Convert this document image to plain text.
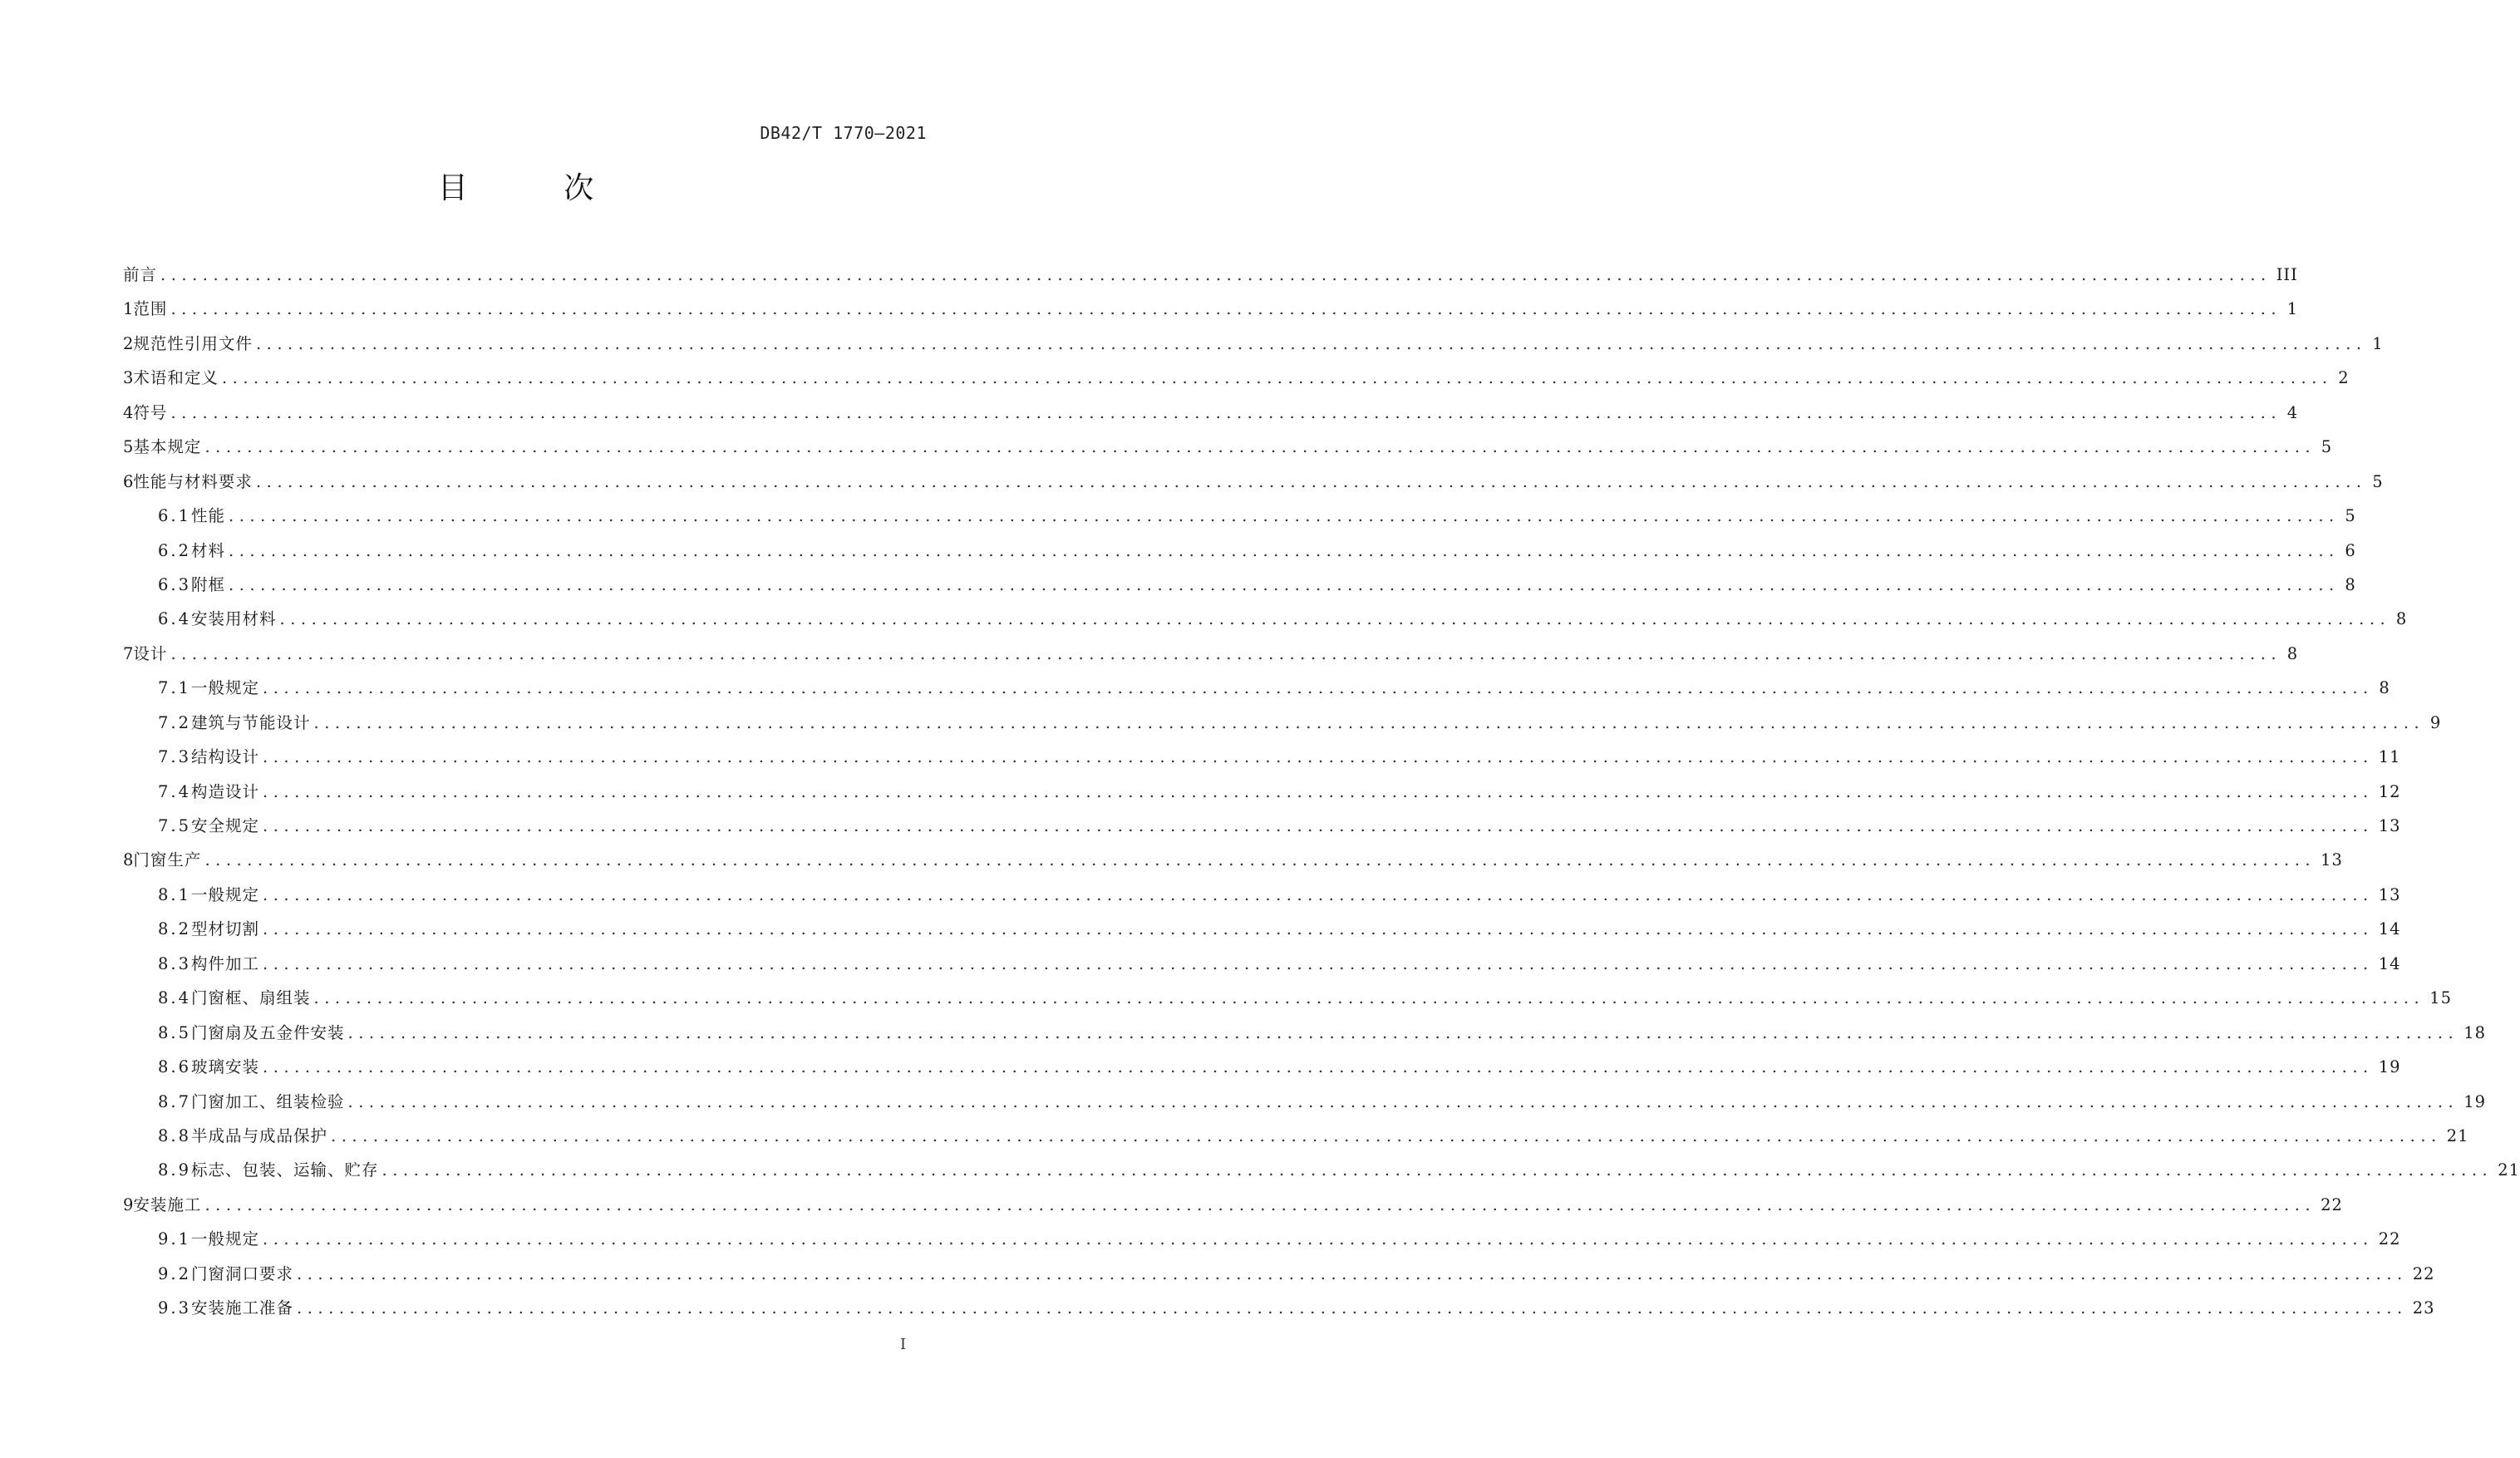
DB42/T 1770—2021
目 次
前言 ........................................................................................................................................................................................................ III
1 范围 ........................................................................................................................................................................................................ 1
2 规范性引用文件 ........................................................................................................................................................................................................ 1
3 术语和定义 ........................................................................................................................................................................................................ 2
4 符号 ........................................................................................................................................................................................................ 4
5 基本规定 ........................................................................................................................................................................................................ 5
6 性能与材料要求 ........................................................................................................................................................................................................ 5
6.1 性能 ........................................................................................................................................................................................................ 5
6.2 材料 ........................................................................................................................................................................................................ 6
6.3 附框 ........................................................................................................................................................................................................ 8
6.4 安装用材料 ........................................................................................................................................................................................................ 8
7 设计 ........................................................................................................................................................................................................ 8
7.1 一般规定 ........................................................................................................................................................................................................ 8
7.2 建筑与节能设计 ........................................................................................................................................................................................................ 9
7.3 结构设计 ........................................................................................................................................................................................................ 11
7.4 构造设计 ........................................................................................................................................................................................................ 12
7.5 安全规定 ........................................................................................................................................................................................................ 13
8 门窗生产 ........................................................................................................................................................................................................ 13
8.1 一般规定 ........................................................................................................................................................................................................ 13
8.2 型材切割 ........................................................................................................................................................................................................ 14
8.3 构件加工 ........................................................................................................................................................................................................ 14
8.4 门窗框、扇组装 ........................................................................................................................................................................................................ 15
8.5 门窗扇及五金件安装 ........................................................................................................................................................................................................ 18
8.6 玻璃安装 ........................................................................................................................................................................................................ 19
8.7 门窗加工、组装检验 ........................................................................................................................................................................................................ 19
8.8 半成品与成品保护 ........................................................................................................................................................................................................ 21
8.9 标志、包装、运输、贮存 ........................................................................................................................................................................................................ 21
9 安装施工 ........................................................................................................................................................................................................ 22
9.1 一般规定 ........................................................................................................................................................................................................ 22
9.2 门窗洞口要求 ........................................................................................................................................................................................................ 22
9.3 安装施工准备 ........................................................................................................................................................................................................ 23
I
